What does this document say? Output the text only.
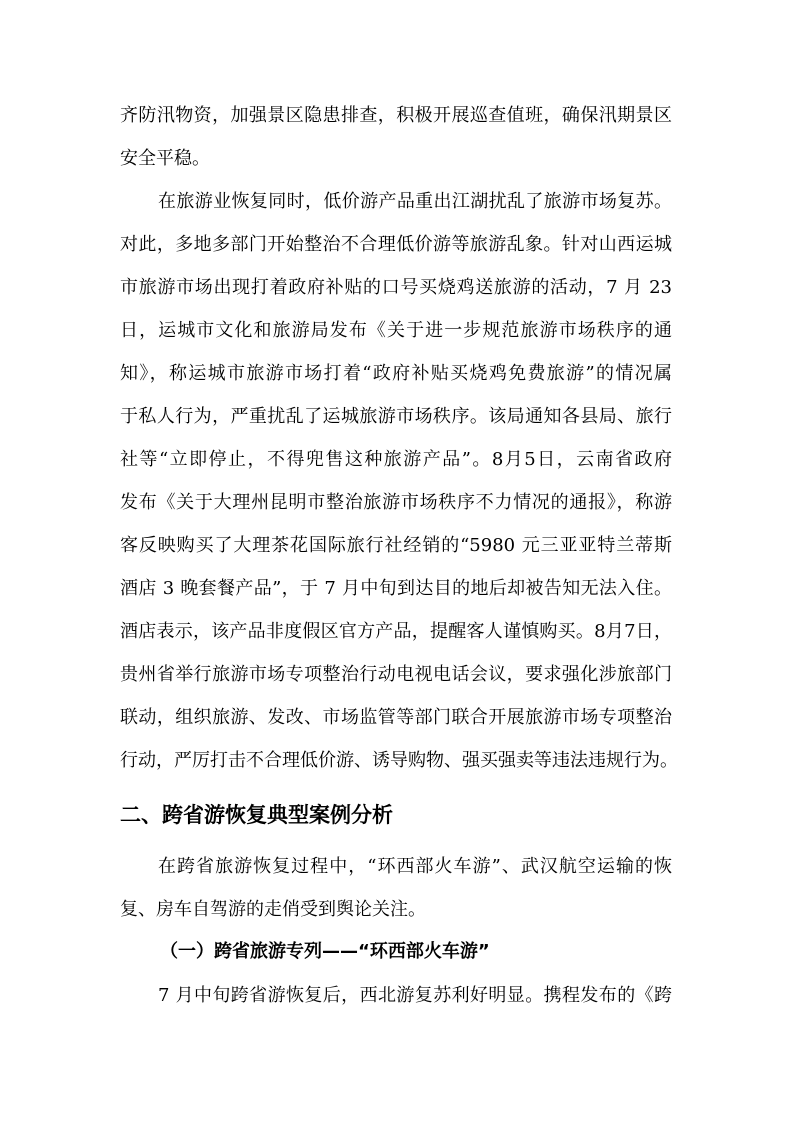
齐防汛物资，加强景区隐患排查，积极开展巡查值班，确保汛期景区
安全平稳。
在旅游业恢复同时，低价游产品重出江湖扰乱了旅游市场复苏。
对此，多地多部门开始整治不合理低价游等旅游乱象。针对山西运城
市旅游市场出现打着政府补贴的口号买烧鸡送旅游的活动，7 月 23
日，运城市文化和旅游局发布《关于进一步规范旅游市场秩序的通
知》，称运城市旅游市场打着“政府补贴买烧鸡免费旅游”的情况属
于私人行为，严重扰乱了运城旅游市场秩序。该局通知各县局、旅行
社等“立即停止，不得兜售这种旅游产品”。8月5日，云南省政府
发布《关于大理州昆明市整治旅游市场秩序不力情况的通报》，称游
客反映购买了大理茶花国际旅行社经销的“5980 元三亚亚特兰蒂斯
酒店 3 晚套餐产品”，于 7 月中旬到达目的地后却被告知无法入住。
酒店表示，该产品非度假区官方产品，提醒客人谨慎购买。8月7日，
贵州省举行旅游市场专项整治行动电视电话会议，要求强化涉旅部门
联动，组织旅游、发改、市场监管等部门联合开展旅游市场专项整治
行动，严厉打击不合理低价游、诱导购物、强买强卖等违法违规行为。
二、跨省游恢复典型案例分析
在跨省旅游恢复过程中，“环西部火车游”、武汉航空运输的恢
复、房车自驾游的走俏受到舆论关注。
（一）跨省旅游专列——“环西部火车游”
7 月中旬跨省游恢复后，西北游复苏利好明显。携程发布的《跨
